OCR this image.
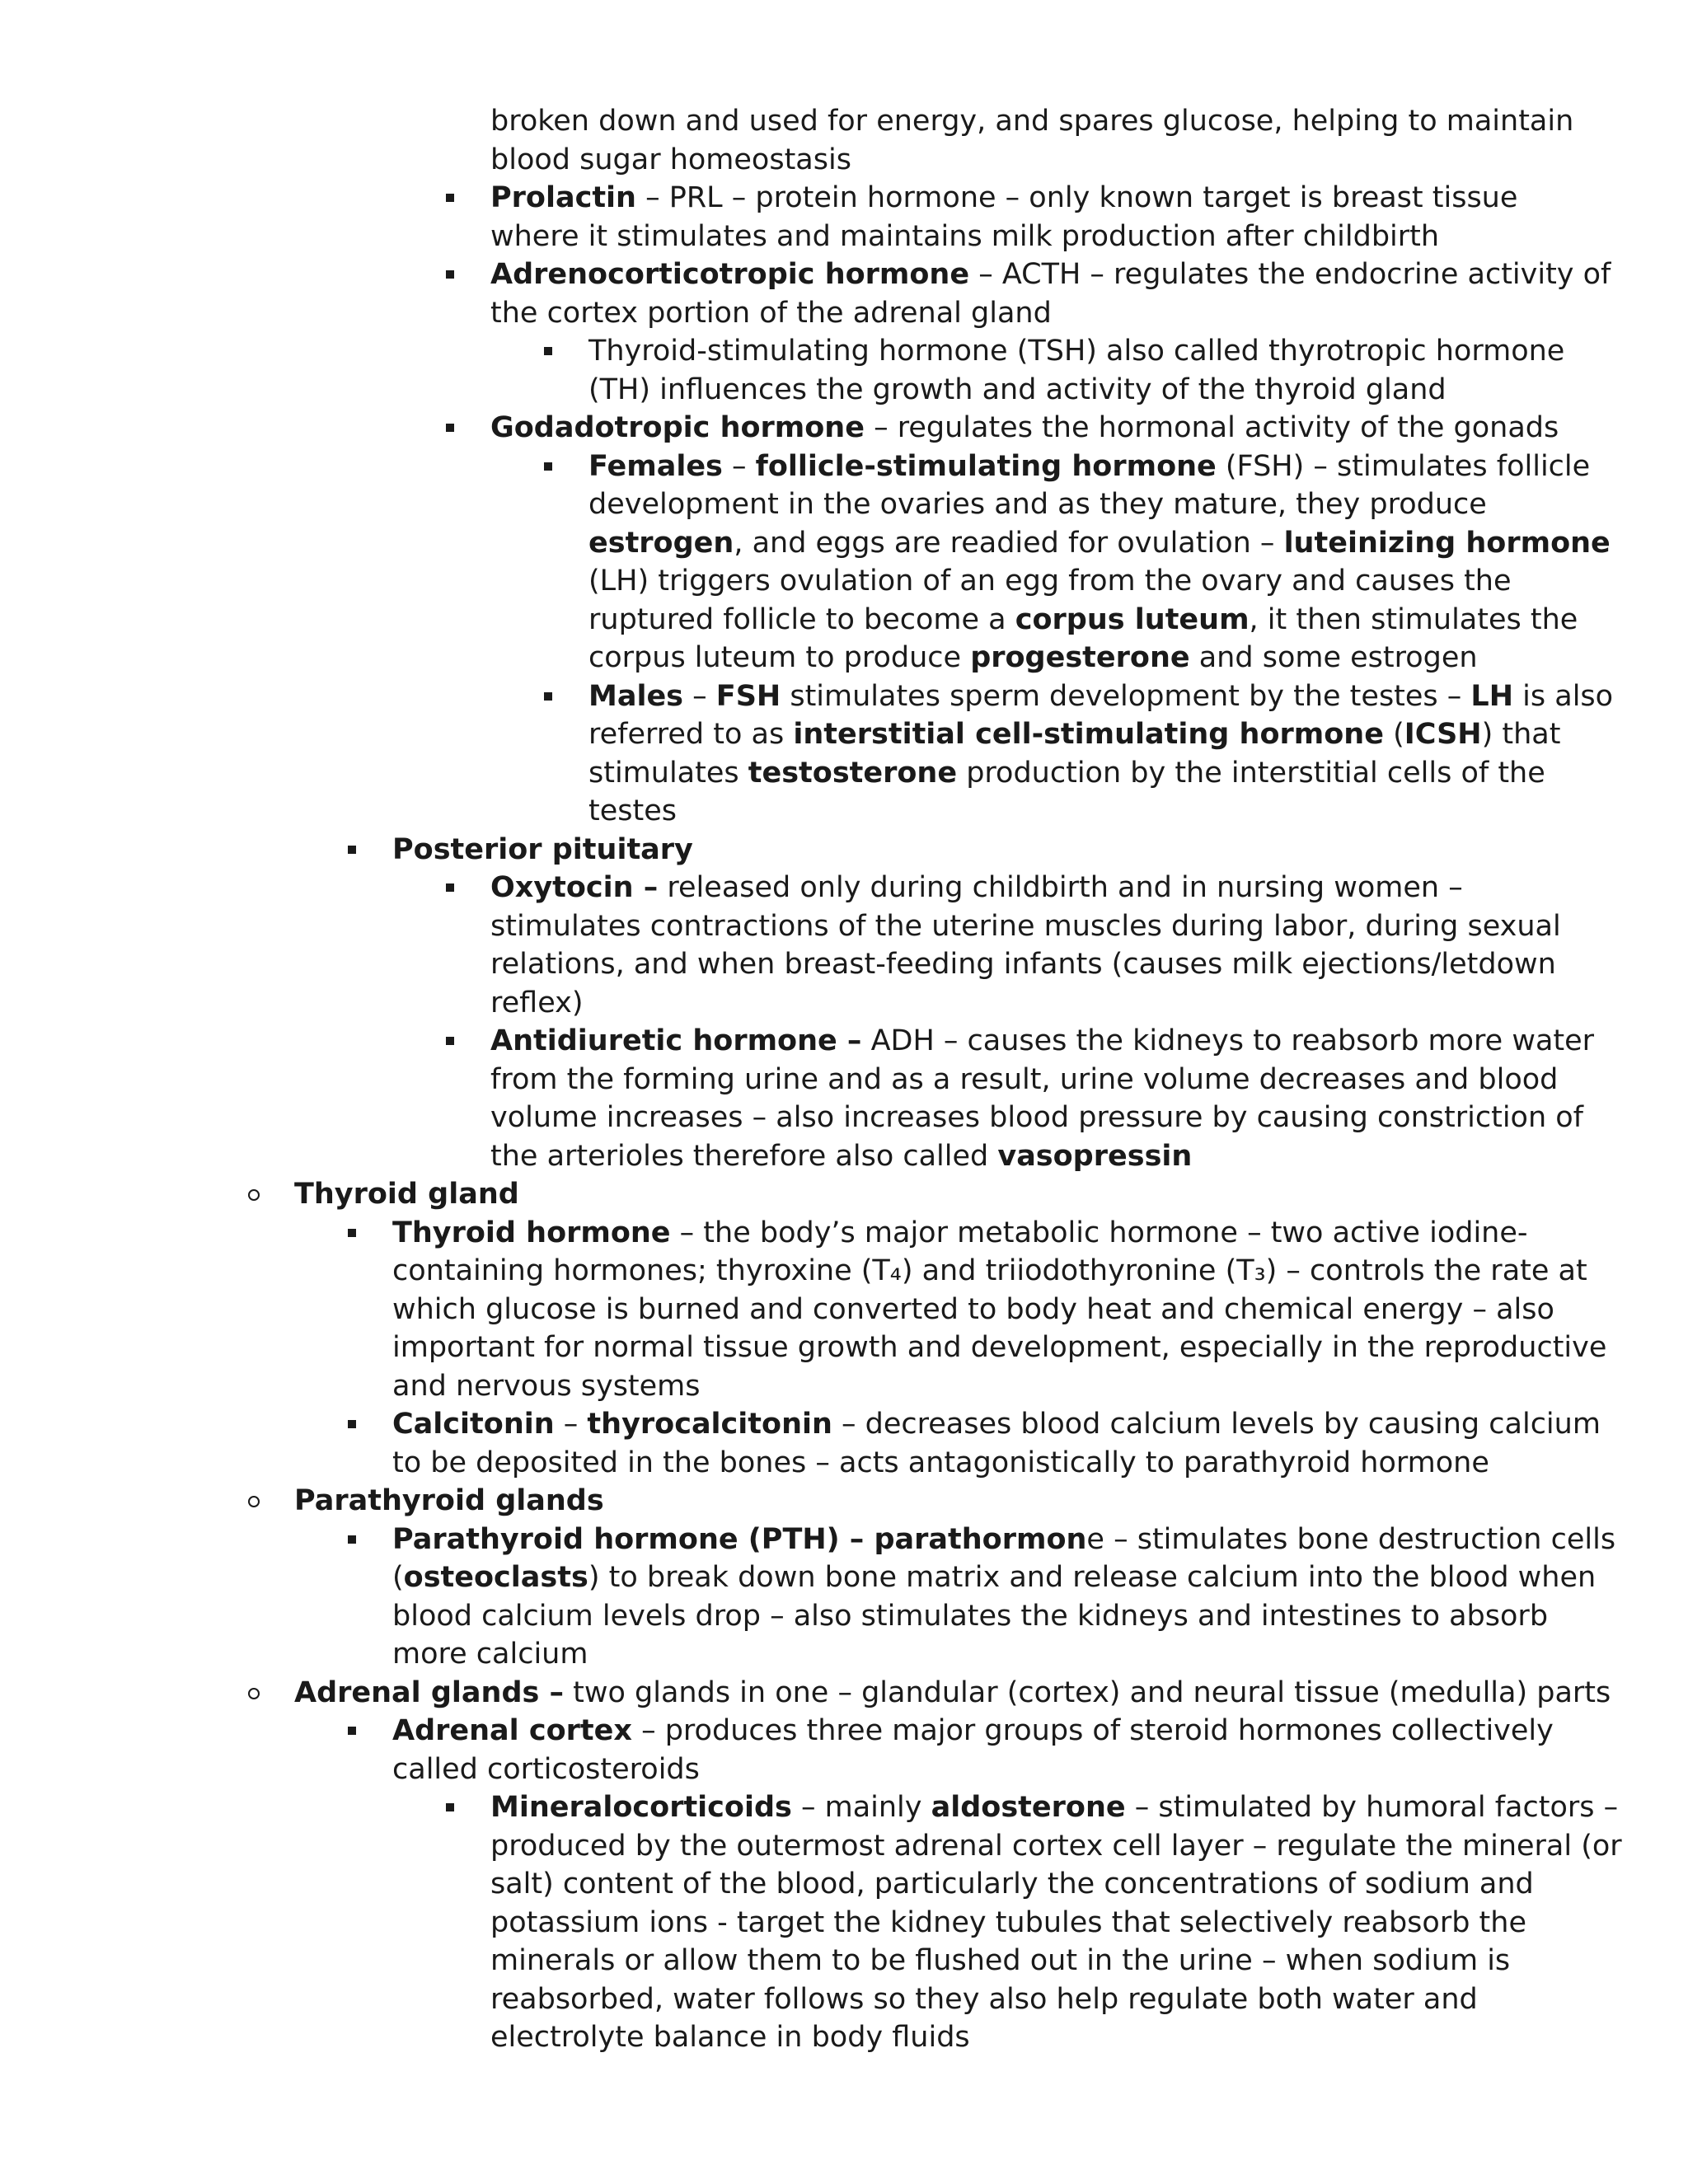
broken down and used for energy, and spares glucose, helping to maintain
blood sugar homeostasis
Prolactin – PRL – protein hormone – only known target is breast tissue
where it stimulates and maintains milk production after childbirth
Adrenocorticotropic hormone – ACTH – regulates the endocrine activity of
the cortex portion of the adrenal gland
Thyroid-stimulating hormone (TSH) also called thyrotropic hormone
(TH) influences the growth and activity of the thyroid gland
Godadotropic hormone – regulates the hormonal activity of the gonads
Females – follicle-stimulating hormone (FSH) – stimulates follicle
development in the ovaries and as they mature, they produce
estrogen, and eggs are readied for ovulation – luteinizing hormone
(LH) triggers ovulation of an egg from the ovary and causes the
ruptured follicle to become a corpus luteum, it then stimulates the
corpus luteum to produce progesterone and some estrogen
Males – FSH stimulates sperm development by the testes – LH is also
referred to as interstitial cell-stimulating hormone (ICSH) that
stimulates testosterone production by the interstitial cells of the
testes
Posterior pituitary
Oxytocin – released only during childbirth and in nursing women –
stimulates contractions of the uterine muscles during labor, during sexual
relations, and when breast-feeding infants (causes milk ejections/letdown
reflex)
Antidiuretic hormone – ADH – causes the kidneys to reabsorb more water
from the forming urine and as a result, urine volume decreases and blood
volume increases – also increases blood pressure by causing constriction of
the arterioles therefore also called vasopressin
Thyroid gland
Thyroid hormone – the body’s major metabolic hormone – two active iodine-
containing hormones; thyroxine (T₄) and triiodothyronine (T₃) – controls the rate at
which glucose is burned and converted to body heat and chemical energy – also
important for normal tissue growth and development, especially in the reproductive
and nervous systems
Calcitonin – thyrocalcitonin – decreases blood calcium levels by causing calcium
to be deposited in the bones – acts antagonistically to parathyroid hormone
Parathyroid glands
Parathyroid hormone (PTH) – parathormone – stimulates bone destruction cells
(osteoclasts) to break down bone matrix and release calcium into the blood when
blood calcium levels drop – also stimulates the kidneys and intestines to absorb
more calcium
Adrenal glands – two glands in one – glandular (cortex) and neural tissue (medulla) parts
Adrenal cortex – produces three major groups of steroid hormones collectively
called corticosteroids
Mineralocorticoids – mainly aldosterone – stimulated by humoral factors –
produced by the outermost adrenal cortex cell layer – regulate the mineral (or
salt) content of the blood, particularly the concentrations of sodium and
potassium ions - target the kidney tubules that selectively reabsorb the
minerals or allow them to be flushed out in the urine – when sodium is
reabsorbed, water follows so they also help regulate both water and
electrolyte balance in body fluids
